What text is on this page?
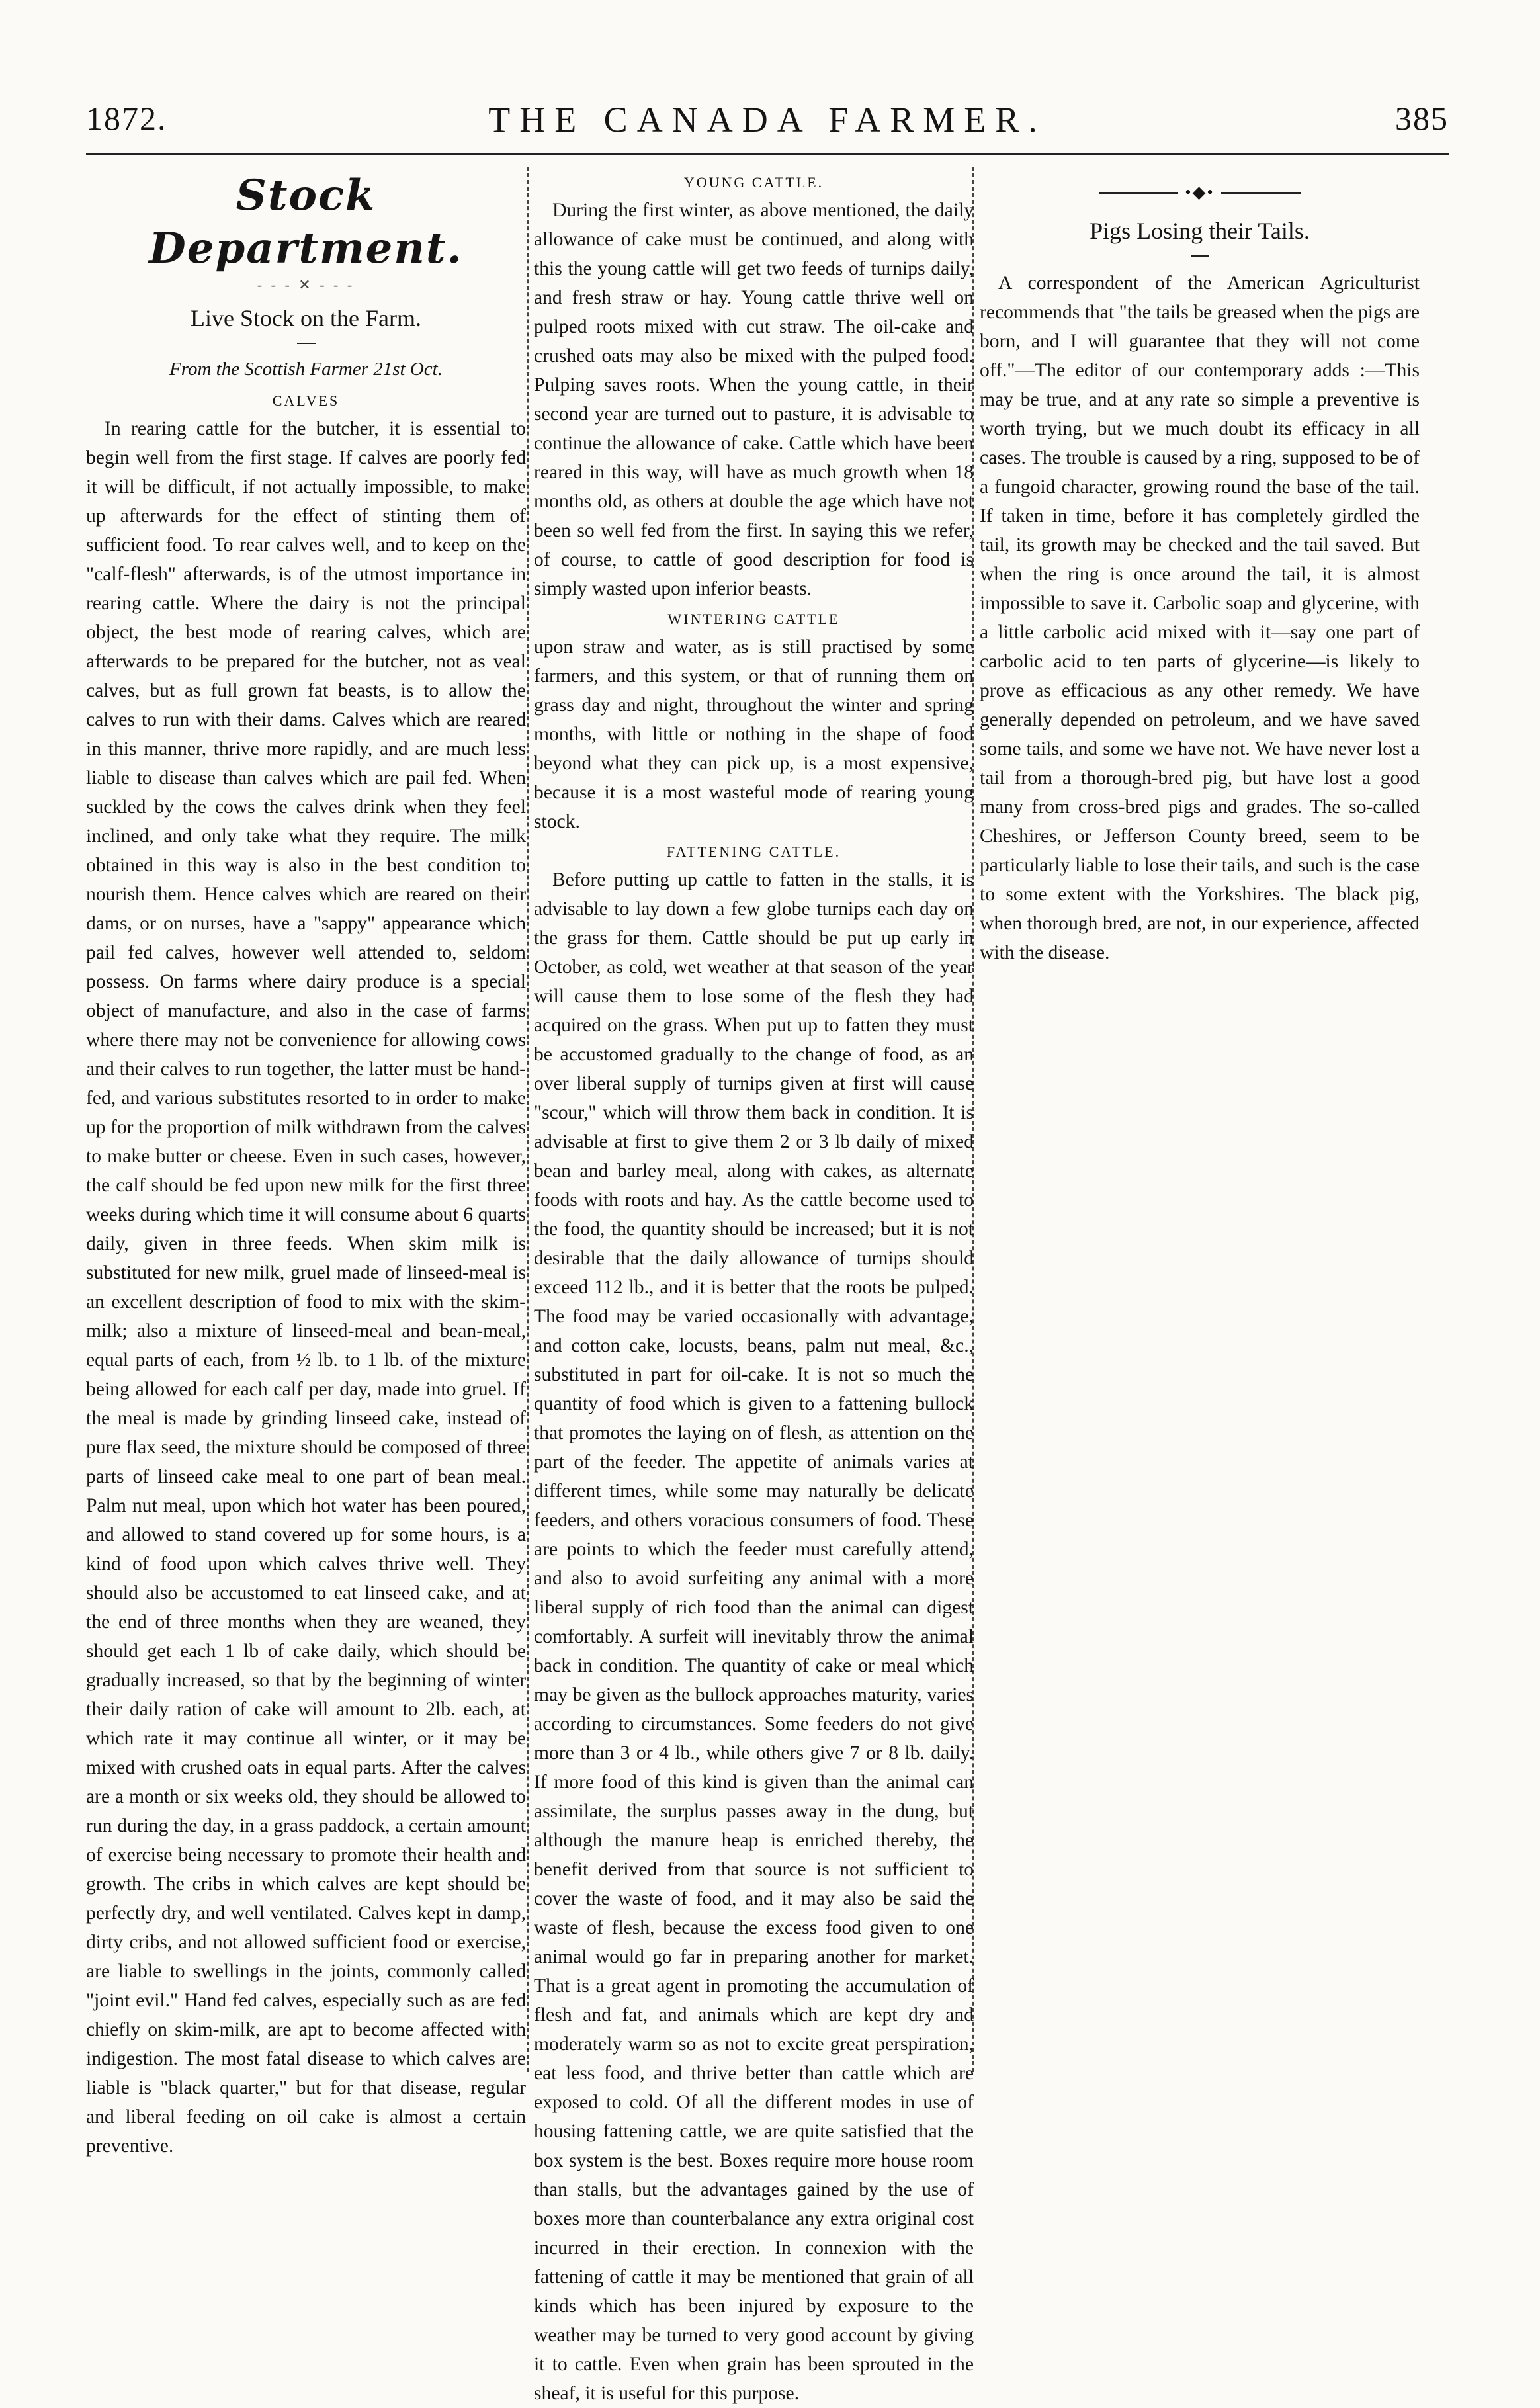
1872.	THE CANADA FARMER.	385
Stock Department.
- - - ✕ - - -
Live Stock on the Farm.
From the Scottish Farmer 21st Oct.
CALVES

In rearing cattle for the butcher, it is essential to begin well from the first stage. If calves are poorly fed it will be difficult, if not actually impossible, to make up afterwards for the effect of stinting them of sufficient food. To rear calves well, and to keep on the "calf-flesh" afterwards, is of the utmost importance in rearing cattle. Where the dairy is not the principal object, the best mode of rearing calves, which are afterwards to be prepared for the butcher, not as veal calves, but as full grown fat beasts, is to allow the calves to run with their dams. Calves which are reared in this manner, thrive more rapidly, and are much less liable to disease than calves which are pail fed. When suckled by the cows the calves drink when they feel inclined, and only take what they require. The milk obtained in this way is also in the best condition to nourish them. Hence calves which are reared on their dams, or on nurses, have a "sappy" appearance which pail fed calves, however well attended to, seldom possess. On farms where dairy produce is a special object of manufacture, and also in the case of farms where there may not be convenience for allowing cows and their calves to run together, the latter must be hand-fed, and various substitutes resorted to in order to make up for the proportion of milk withdrawn from the calves to make butter or cheese. Even in such cases, however, the calf should be fed upon new milk for the first three weeks during which time it will consume about 6 quarts daily, given in three feeds. When skim milk is substituted for new milk, gruel made of linseed-meal is an excellent description of food to mix with the skim-milk; also a mixture of linseed-meal and bean-meal, equal parts of each, from ½ lb. to 1 lb. of the mixture being allowed for each calf per day, made into gruel. If the meal is made by grinding linseed cake, instead of pure flax seed, the mixture should be composed of three parts of linseed cake meal to one part of bean meal. Palm nut meal, upon which hot water has been poured, and allowed to stand covered up for some hours, is a kind of food upon which calves thrive well. They should also be accustomed to eat linseed cake, and at the end of three months when they are weaned, they should get each 1 lb of cake daily, which should be gradually increased, so that by the beginning of winter their daily ration of cake will amount to 2lb. each, at which rate it may continue all winter, or it may be mixed with crushed oats in equal parts. After the calves are a month or six weeks old, they should be allowed to run during the day, in a grass paddock, a certain amount of exercise being necessary to promote their health and growth. The cribs in which calves are kept should be perfectly dry, and well ventilated. Calves kept in damp, dirty cribs, and not allowed sufficient food or exercise, are liable to swellings in the joints, commonly called "joint evil." Hand fed calves, especially such as are fed chiefly on skim-milk, are apt to become affected with indigestion. The most fatal disease to which calves are liable is "black quarter," but for that disease, regular and liberal feeding on oil cake is almost a certain preventive.

YOUNG CATTLE.

During the first winter, as above mentioned, the daily allowance of cake must be continued, and along with this the young cattle will get two feeds of turnips daily, and fresh straw or hay. Young cattle thrive well on pulped roots mixed with cut straw. The oil-cake and crushed oats may also be mixed with the pulped food. Pulping saves roots. When the young cattle, in their second year are turned out to pasture, it is advisable to continue the allowance of cake. Cattle which have been reared in this way, will have as much growth when 18 months old, as others at double the age which have not been so well fed from the first. In saying this we refer, of course, to cattle of good description for food is simply wasted upon inferior beasts.

WINTERING CATTLE

upon straw and water, as is still practised by some farmers, and this system, or that of running them on grass day and night, throughout the winter and spring months, with little or nothing in the shape of food beyond what they can pick up, is a most expensive, because it is a most wasteful mode of rearing young stock.

FATTENING CATTLE.

Before putting up cattle to fatten in the stalls, it is advisable to lay down a few globe turnips each day on the grass for them. Cattle should be put up early in October, as cold, wet weather at that season of the year will cause them to lose some of the flesh they had acquired on the grass. When put up to fatten they must be accustomed gradually to the change of food, as an over liberal supply of turnips given at first will cause "scour," which will throw them back in condition. It is advisable at first to give them 2 or 3 lb daily of mixed bean and barley meal, along with cakes, as alternate foods with roots and hay. As the cattle become used to the food, the quantity should be increased; but it is not desirable that the daily allowance of turnips should exceed 112 lb., and it is better that the roots be pulped. The food may be varied occasionally with advantage, and cotton cake, locusts, beans, palm nut meal, &c., substituted in part for oil-cake. It is not so much the quantity of food which is given to a fattening bullock that promotes the laying on of flesh, as attention on the part of the feeder. The appetite of animals varies at different times, while some may naturally be delicate feeders, and others voracious consumers of food. These are points to which the feeder must carefully attend, and also to avoid surfeiting any animal with a more liberal supply of rich food than the animal can digest comfortably. A surfeit will inevitably throw the animal back in condition. The quantity of cake or meal which may be given as the bullock approaches maturity, varies according to circumstances. Some feeders do not give more than 3 or 4 lb., while others give 7 or 8 lb. daily. If more food of this kind is given than the animal can assimilate, the surplus passes away in the dung, but although the manure heap is enriched thereby, the benefit derived from that source is not sufficient to cover the waste of food, and it may also be said the waste of flesh, because the excess food given to one animal would go far in preparing another for market. That is a great agent in promoting the accumulation of flesh and fat, and animals which are kept dry and moderately warm so as not to excite great perspiration, eat less food, and thrive better than cattle which are exposed to cold. Of all the different modes in use of housing fattening cattle, we are quite satisfied that the box system is the best. Boxes require more house room than stalls, but the advantages gained by the use of boxes more than counterbalance any extra original cost incurred in their erection. In connexion with the fattening of cattle it may be mentioned that grain of all kinds which has been injured by exposure to the weather may be turned to very good account by giving it to cattle. Even when grain has been sprouted in the sheaf, it is useful for this purpose.

•◆•
Pigs Losing their Tails.

A correspondent of the American Agriculturist recommends that "the tails be greased when the pigs are born, and I will guarantee that they will not come off."—The editor of our contemporary adds :—This may be true, and at any rate so simple a preventive is worth trying, but we much doubt its efficacy in all cases. The trouble is caused by a ring, supposed to be of a fungoid character, growing round the base of the tail. If taken in time, before it has completely girdled the tail, its growth may be checked and the tail saved. But when the ring is once around the tail, it is almost impossible to save it. Carbolic soap and glycerine, with a little carbolic acid mixed with it—say one part of carbolic acid to ten parts of glycerine—is likely to prove as efficacious as any other remedy. We have generally depended on petroleum, and we have saved some tails, and some we have not. We have never lost a tail from a thorough-bred pig, but have lost a good many from cross-bred pigs and grades. The so-called Cheshires, or Jefferson County breed, seem to be particularly liable to lose their tails, and such is the case to some extent with the Yorkshires. The black pig, when thorough bred, are not, in our experience, affected with the disease.
